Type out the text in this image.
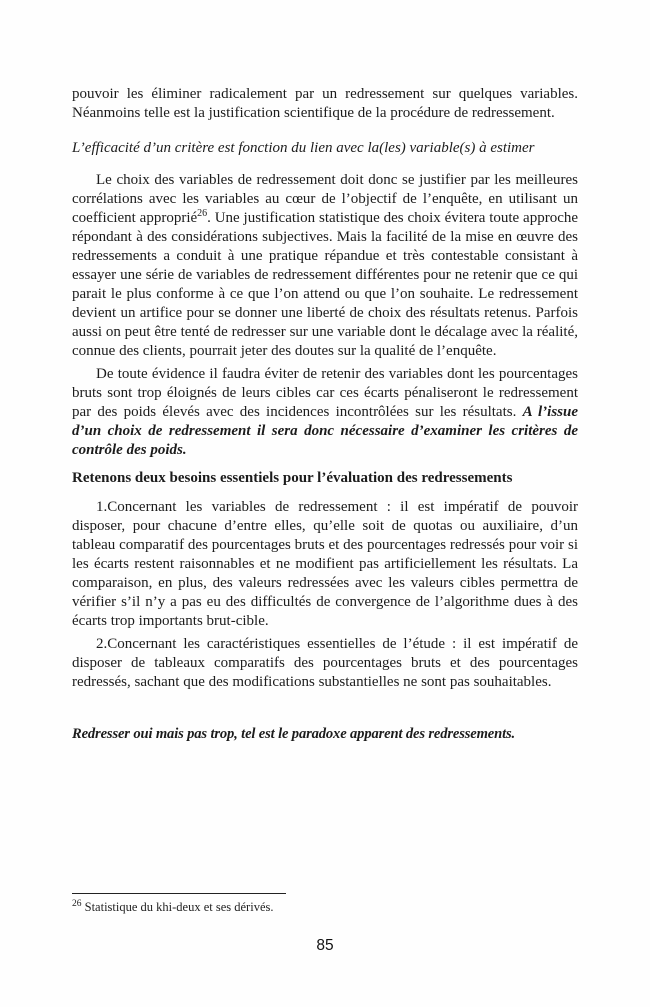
pouvoir les éliminer radicalement par un redressement sur quelques variables. Néanmoins telle est la justification scientifique de la procédure de redressement.

L’efficacité d’un critère est fonction du lien avec la(les) variable(s) à estimer

Le choix des variables de redressement doit donc se justifier par les meilleures corrélations avec les variables au cœur de l’objectif de l’enquête, en utilisant un coefficient approprié$^{26}$. Une justification statistique des choix évitera toute approche répondant à des considérations subjectives. Mais la facilité de la mise en œuvre des redressements a conduit à une pratique répandue et très contestable consistant à essayer une série de variables de redressement différentes pour ne retenir que ce qui parait le plus conforme à ce que l’on attend ou que l’on souhaite. Le redressement devient un artifice pour se donner une liberté de choix des résultats retenus. Parfois aussi on peut être tenté de redresser sur une variable dont le décalage avec la réalité, connue des clients, pourrait jeter des doutes sur la qualité de l’enquête.

De toute évidence il faudra éviter de retenir des variables dont les pourcentages bruts sont trop éloignés de leurs cibles car ces écarts pénaliseront le redressement par des poids élevés avec des incidences incontrôlées sur les résultats. A l’issue d’un choix de redressement il sera donc nécessaire d’examiner les critères de contrôle des poids.

Retenons deux besoins essentiels pour l’évaluation des redressements

1.Concernant les variables de redressement : il est impératif de pouvoir disposer, pour chacune d’entre elles, qu’elle soit de quotas ou auxiliaire, d’un tableau comparatif des pourcentages bruts et des pourcentages redressés pour voir si les écarts restent raisonnables et ne modifient pas artificiellement les résultats. La comparaison, en plus, des valeurs redressées avec les valeurs cibles permettra de vérifier s’il n’y a pas eu des difficultés de convergence de l’algorithme dues à des écarts trop importants brut-cible.

2.Concernant les caractéristiques essentielles de l’étude : il est impératif de disposer de tableaux comparatifs des pourcentages bruts et des pourcentages redressés, sachant que des modifications substantielles ne sont pas souhaitables.

Redresser oui mais pas trop, tel est le paradoxe apparent des redressements.

$^{26}$ Statistique du khi-deux et ses dérivés.

85
